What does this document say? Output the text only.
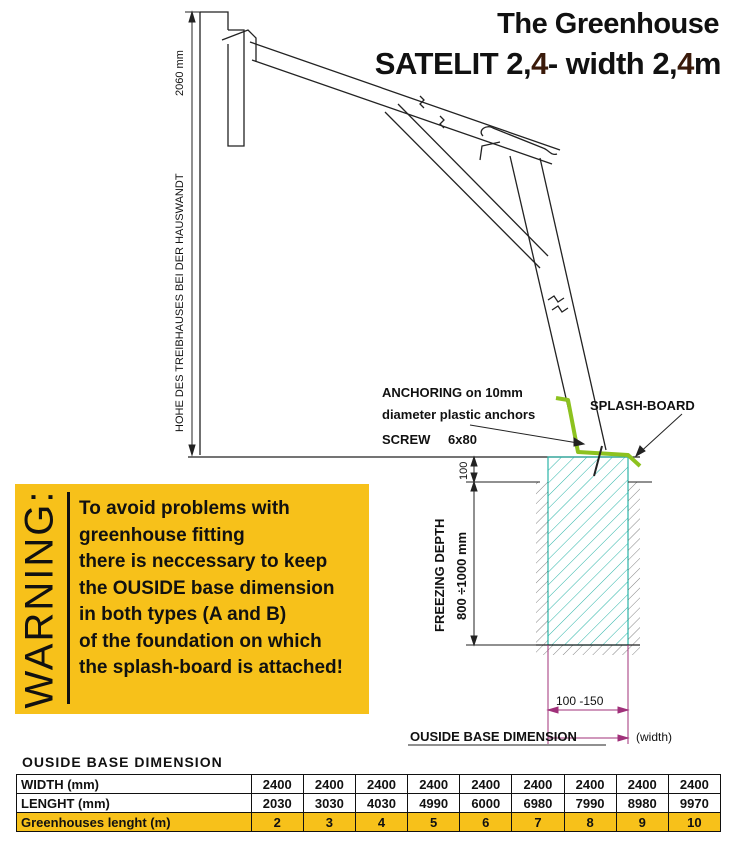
The Greenhouse
SATELIT 2,4- width 2,4m
2060 mm
HOHE DES TREIBHAUSES BEI DER HAUSWANDT	ANCHORING on 10mm
diameter plastic anchors
SCREW 6x80
SPLASH-BOARD
100
FREEZING DEPTH 800 ÷1000 mm
100 -150
OUSIDE BASE DIMENSION	(width)
WARNING: To avoid problems with
greenhouse fitting
there is neccessary to keep
the OUSIDE base dimension
in both types (A and B)
of the foundation on which
the splash-board is attached!
OUSIDE BASE DIMENSION
WIDTH (mm)	2400	2400	2400	2400	2400	2400	2400	2400	2400
LENGHT (mm)	2030	3030	4030	4990	6000	6980	7990	8980	9970
Greenhouses lenght (m)	2	3	4	5	6	7	8	9	10
